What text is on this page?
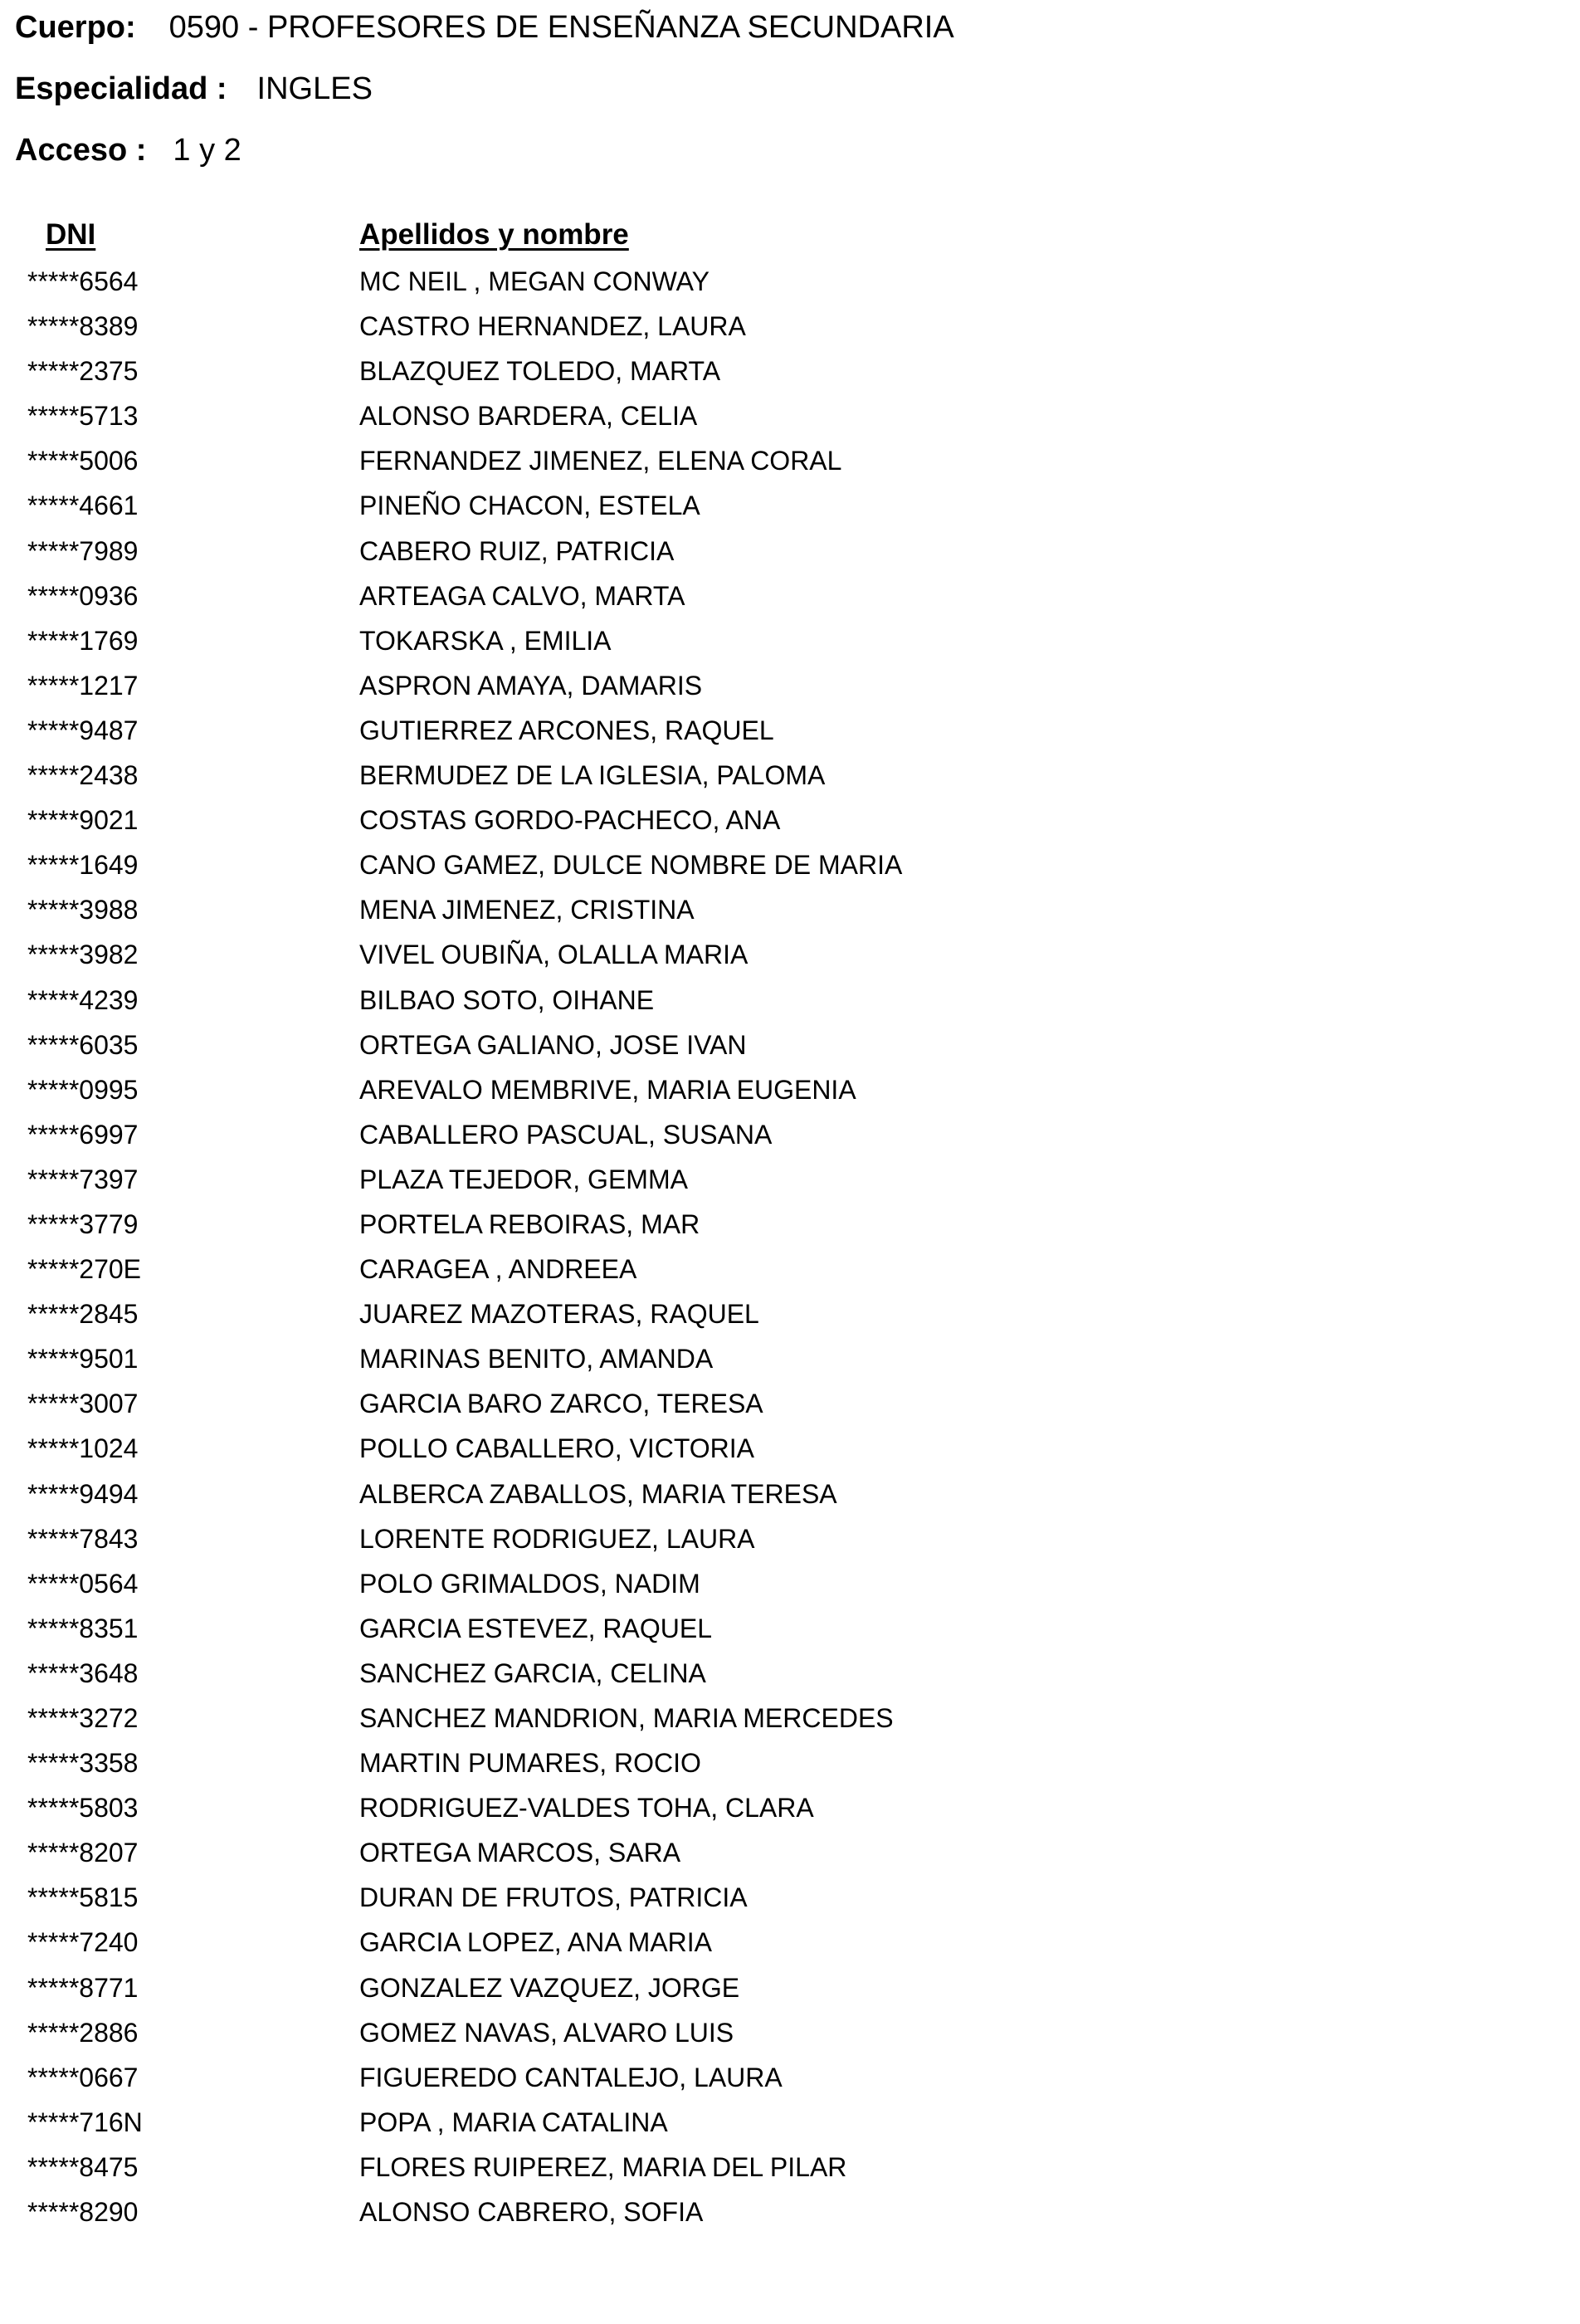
Cuerpo: 0590 - PROFESORES DE ENSEÑANZA SECUNDARIA
Especialidad : INGLES
Acceso : 1 y 2
DNI	Apellidos y nombre
*****6564	MC NEIL , MEGAN CONWAY
*****8389	CASTRO HERNANDEZ, LAURA
*****2375	BLAZQUEZ TOLEDO, MARTA
*****5713	ALONSO BARDERA, CELIA
*****5006	FERNANDEZ JIMENEZ, ELENA CORAL
*****4661	PINEÑO CHACON, ESTELA
*****7989	CABERO RUIZ, PATRICIA
*****0936	ARTEAGA CALVO, MARTA
*****1769	TOKARSKA , EMILIA
*****1217	ASPRON AMAYA, DAMARIS
*****9487	GUTIERREZ ARCONES, RAQUEL
*****2438	BERMUDEZ DE LA IGLESIA, PALOMA
*****9021	COSTAS GORDO-PACHECO, ANA
*****1649	CANO GAMEZ, DULCE NOMBRE DE MARIA
*****3988	MENA JIMENEZ, CRISTINA
*****3982	VIVEL OUBIÑA, OLALLA MARIA
*****4239	BILBAO SOTO, OIHANE
*****6035	ORTEGA GALIANO, JOSE IVAN
*****0995	AREVALO MEMBRIVE, MARIA EUGENIA
*****6997	CABALLERO PASCUAL, SUSANA
*****7397	PLAZA TEJEDOR, GEMMA
*****3779	PORTELA REBOIRAS, MAR
*****270E	CARAGEA , ANDREEA
*****2845	JUAREZ MAZOTERAS, RAQUEL
*****9501	MARINAS BENITO, AMANDA
*****3007	GARCIA BARO ZARCO, TERESA
*****1024	POLLO CABALLERO, VICTORIA
*****9494	ALBERCA ZABALLOS, MARIA TERESA
*****7843	LORENTE RODRIGUEZ, LAURA
*****0564	POLO GRIMALDOS, NADIM
*****8351	GARCIA ESTEVEZ, RAQUEL
*****3648	SANCHEZ GARCIA, CELINA
*****3272	SANCHEZ MANDRION, MARIA MERCEDES
*****3358	MARTIN PUMARES, ROCIO
*****5803	RODRIGUEZ-VALDES TOHA, CLARA
*****8207	ORTEGA MARCOS, SARA
*****5815	DURAN DE FRUTOS, PATRICIA
*****7240	GARCIA LOPEZ, ANA MARIA
*****8771	GONZALEZ VAZQUEZ, JORGE
*****2886	GOMEZ NAVAS, ALVARO LUIS
*****0667	FIGUEREDO CANTALEJO, LAURA
*****716N	POPA , MARIA CATALINA
*****8475	FLORES RUIPEREZ, MARIA DEL PILAR
*****8290	ALONSO CABRERO, SOFIA
